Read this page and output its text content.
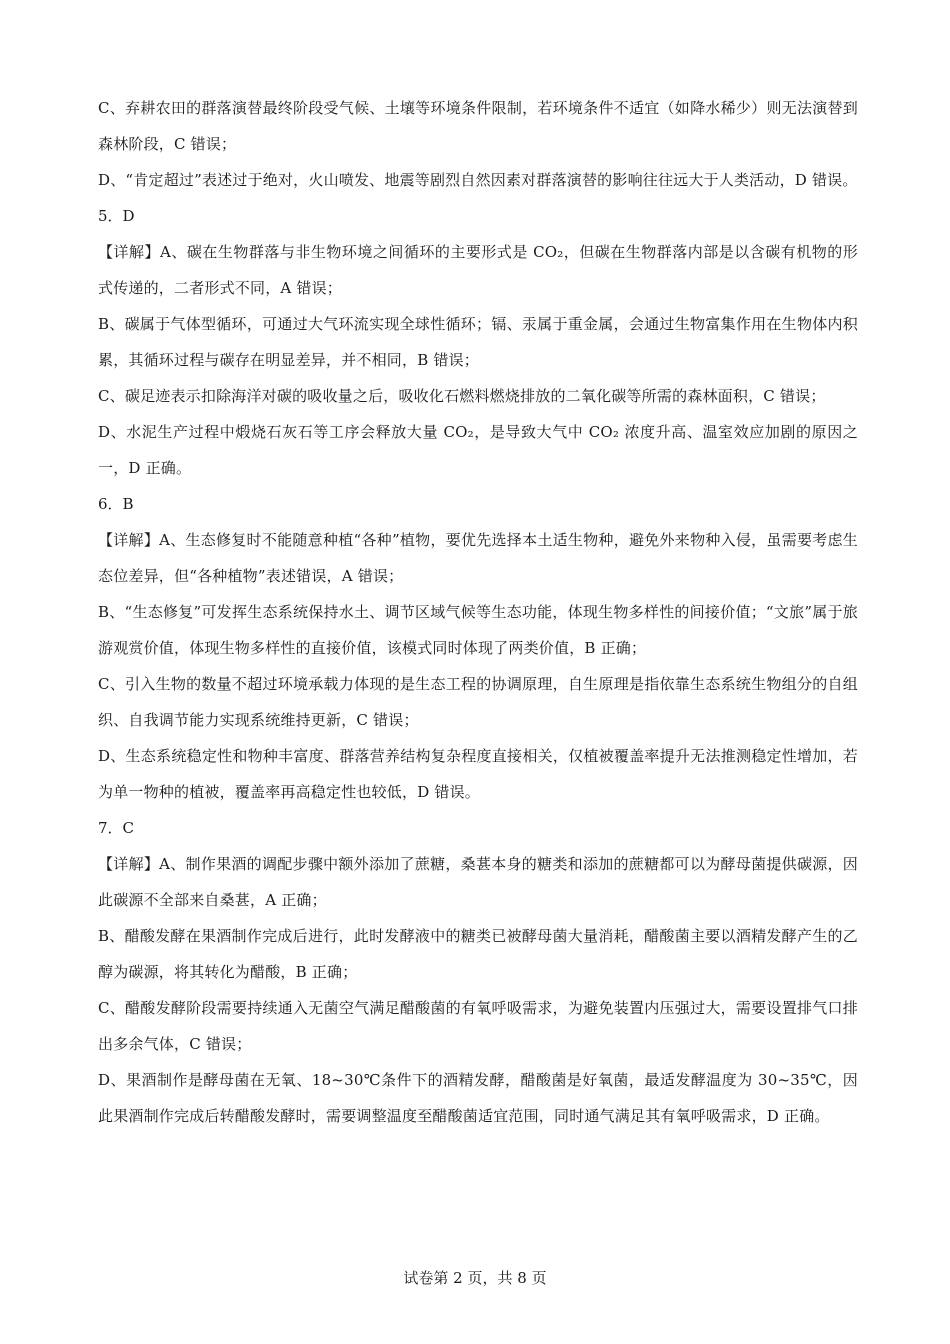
C、弃耕农田的群落演替最终阶段受气候、土壤等环境条件限制，若环境条件不适宜（如降水稀少）则无法演替到森林阶段，C 错误；

D、“肯定超过”表述过于绝对，火山喷发、地震等剧烈自然因素对群落演替的影响往往远大于人类活动，D 错误。

5．D

【详解】A、碳在生物群落与非生物环境之间循环的主要形式是 CO₂，但碳在生物群落内部是以含碳有机物的形式传递的，二者形式不同，A 错误；

B、碳属于气体型循环，可通过大气环流实现全球性循环；镉、汞属于重金属，会通过生物富集作用在生物体内积累，其循环过程与碳存在明显差异，并不相同，B 错误；

C、碳足迹表示扣除海洋对碳的吸收量之后，吸收化石燃料燃烧排放的二氧化碳等所需的森林面积，C 错误；

D、水泥生产过程中煅烧石灰石等工序会释放大量 CO₂，是导致大气中 CO₂ 浓度升高、温室效应加剧的原因之一，D 正确。

6．B

【详解】A、生态修复时不能随意种植“各种”植物，要优先选择本土适生物种，避免外来物种入侵，虽需要考虑生态位差异，但“各种植物”表述错误，A 错误；

B、“生态修复”可发挥生态系统保持水土、调节区域气候等生态功能，体现生物多样性的间接价值；“文旅”属于旅游观赏价值，体现生物多样性的直接价值，该模式同时体现了两类价值，B 正确；

C、引入生物的数量不超过环境承载力体现的是生态工程的协调原理，自生原理是指依靠生态系统生物组分的自组织、自我调节能力实现系统维持更新，C 错误；

D、生态系统稳定性和物种丰富度、群落营养结构复杂程度直接相关，仅植被覆盖率提升无法推测稳定性增加，若为单一物种的植被，覆盖率再高稳定性也较低，D 错误。

7．C

【详解】A、制作果酒的调配步骤中额外添加了蔗糖，桑葚本身的糖类和添加的蔗糖都可以为酵母菌提供碳源，因此碳源不全部来自桑葚，A 正确；

B、醋酸发酵在果酒制作完成后进行，此时发酵液中的糖类已被酵母菌大量消耗，醋酸菌主要以酒精发酵产生的乙醇为碳源，将其转化为醋酸，B 正确；

C、醋酸发酵阶段需要持续通入无菌空气满足醋酸菌的有氧呼吸需求，为避免装置内压强过大，需要设置排气口排出多余气体，C 错误；

D、果酒制作是酵母菌在无氧、18~30℃条件下的酒精发酵，醋酸菌是好氧菌，最适发酵温度为 30~35℃，因此果酒制作完成后转醋酸发酵时，需要调整温度至醋酸菌适宜范围，同时通气满足其有氧呼吸需求，D 正确。

试卷第 2 页，共 8 页
